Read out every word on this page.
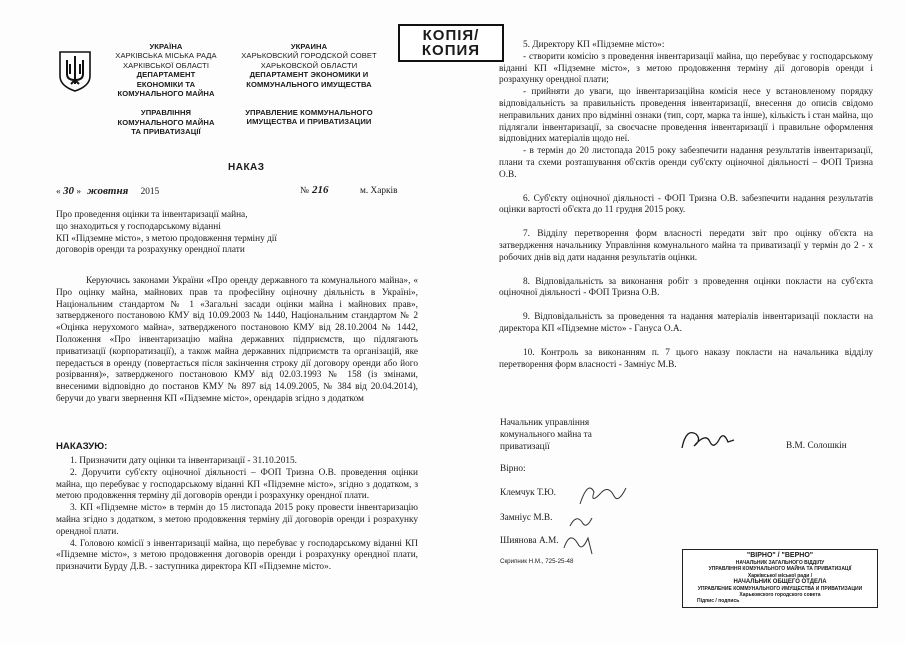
УКРАЇНА
ХАРКІВСЬКА МІСЬКА РАДА
ХАРКІВСЬКОЇ ОБЛАСТІ
ДЕПАРТАМЕНТ
ЕКОНОМІКИ ТА
КОМУНАЛЬНОГО МАЙНА
УПРАВЛІННЯ
КОМУНАЛЬНОГО МАЙНА
ТА ПРИВАТИЗАЦІЇ
УКРАИНА
ХАРЬКОВСКИЙ ГОРОДСКОЙ СОВЕТ
ХАРЬКОВСКОЙ ОБЛАСТИ
ДЕПАРТАМЕНТ ЭКОНОМИКИ И
КОММУНАЛЬНОГО ИМУЩЕСТВА
УПРАВЛЕНИЕ КОММУНАЛЬНОГО
ИМУЩЕСТВА И ПРИВАТИЗАЦИИ
КОПІЯ/
КОПИЯ
НАКАЗ
« 30 » жовтня 2015	№ 216	м. Харків
Про проведення оцінки та інвентаризації майна,
що знаходиться у господарському віданні
КП «Підземне місто», з метою продовження терміну дії
договорів оренди та розрахунку орендної плати

Керуючись законами України «Про оренду державного та комунального майна», « Про оцінку майна, майнових прав та професійну оціночну діяльність в Україні», Національним стандартом № 1 «Загальні засади оцінки майна і майнових прав», затвердженого постановою КМУ від 10.09.2003 № 1440, Національним стандартом № 2 «Оцінка нерухомого майна», затвердженого постановою КМУ від 28.10.2004 № 1442, Положення «Про інвентаризацію майна державних підприємств, що підлягають приватизації (корпоратизації), а також майна державних підприємств та організацій, яке передається в оренду (повертається після закінчення строку дії договору оренди або його розірвання)», затвердженого постановою КМУ від 02.03.1993 № 158 (із змінами, внесеними відповідно до постанов КМУ № 897 від 14.09.2005, № 384 від 20.04.2014), беручи до уваги звернення КП «Підземне місто», орендарів згідно з додатком

НАКАЗУЮ:

1. Призначити дату оцінки та інвентаризації - 31.10.2015.

2. Доручити суб'єкту оціночної діяльності – ФОП Тризна О.В. проведення оцінки майна, що перебуває у господарському віданні КП «Підземне місто», згідно з додатком, з метою продовження терміну дії договорів оренди і розрахунку орендної плати.

3. КП «Підземне місто» в термін до 15 листопада 2015 року провести інвентаризацію майна згідно з додатком, з метою продовження терміну дії договорів оренди і розрахунку орендної плати.

4. Головою комісії з інвентаризації майна, що перебуває у господарському віданні КП «Підземне місто», з метою продовження договорів оренди і розрахунку орендної плати, призначити Бурду Д.В. - заступника директора КП «Підземне місто».

5. Директору КП «Підземне місто»:

- створити комісію з проведення інвентаризації майна, що перебуває у господарському віданні КП «Підземне місто», з метою продовження терміну дії договорів оренди і розрахунку орендної плати;

- прийняти до уваги, що інвентаризаційна комісія несе у встановленому порядку відповідальність за правильність проведення інвентаризації, внесення до описів свідомо неправильних даних про відмінні ознаки (тип, сорт, марка та інше), кількість і стан майна, що підлягали інвентаризації, за своєчасне проведення інвентаризації і правильне оформлення відповідних матеріалів щодо неї.

- в термін до 20 листопада 2015 року забезпечити надання результатів інвентаризації, плани та схеми розташування об'єктів оренди суб'єкту оціночної діяльності – ФОП Тризна О.В.

6. Суб'єкту оціночної діяльності - ФОП Тризна О.В. забезпечити надання результатів оцінки вартості об'єкта до 11 грудня 2015 року.

7. Відділу перетворення форм власності передати звіт про оцінку об'єкта на затвердження начальнику Управління комунального майна та приватизації у термін до 2 - х робочих днів від дати надання результатів оцінки.

8. Відповідальність за виконання робіт з проведення оцінки покласти на суб'єкта оціночної діяльності - ФОП Тризна О.В.

9. Відповідальність за проведення та надання матеріалів інвентаризації покласти на директора КП «Підземне місто» - Гануса О.А.

10. Контроль за виконанням п. 7 цього наказу покласти на начальника відділу перетворення форм власності - Замніус М.В.

Начальник управління
комунального майна та
приватизації	В.М. Солошкін
Вірно:
Клемчук Т.Ю.
Замніус М.В.
Шиянова А.М.
Скрипник Н.М., 725-25-48
"ВІРНО" / "ВЕРНО"
НАЧАЛЬНИК ЗАГАЛЬНОГО ВІДДІЛУ
УПРАВЛІННЯ КОМУНАЛЬНОГО МАЙНА ТА ПРИВАТИЗАЦІЇ
Харківської міської ради /
НАЧАЛЬНИК ОБЩЕГО ОТДЕЛА
УПРАВЛЕНИЕ КОММУНАЛЬНОГО ИМУЩЕСТВА И ПРИВАТИЗАЦИИ
Харьковского городского совета
Підпис / подпись
